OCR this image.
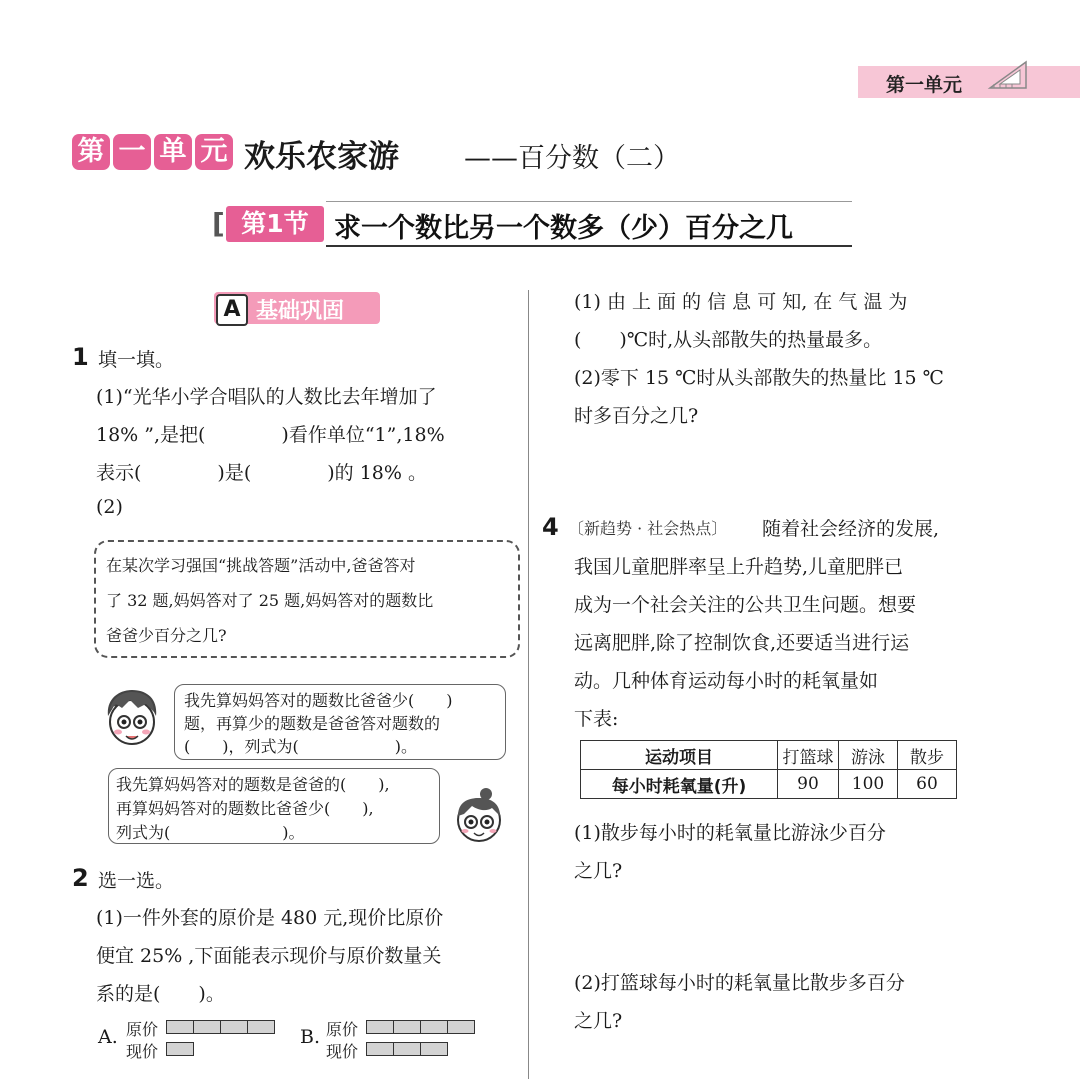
第一单元
第 一 单 元 欢乐农家游 ——百分数（二）
[ 第1节 求一个数比另一个数多（少）百分之几
A 基础巩固
1 填一填。
(1)“光华小学合唱队的人数比去年增加了
18% ”,是把(　　　　)看作单位“1”,18%
表示(　　　　)是(　　　　)的 18% 。
(2)
在某次学习强国“挑战答题”活动中,爸爸答对
了 32 题,妈妈答对了 25 题,妈妈答对的题数比
爸爸少百分之几?
我先算妈妈答对的题数比爸爸少(　　)
题，再算少的题数是爸爸答对题数的
(　　)，列式为(　　　　　　)。
我先算妈妈答对的题数是爸爸的(　　),
再算妈妈答对的题数比爸爸少(　　),
列式为(　　　　　　　)。
2 选一选。
(1)一件外套的原价是 480 元,现价比原价
便宜 25% ,下面能表示现价与原价数量关
系的是(　　)。
A. 原价
现价
B. 原价
现价
(1) 由 上 面 的 信 息 可 知, 在 气 温 为
(　　)℃时,从头部散失的热量最多。
(2)零下 15 ℃时从头部散失的热量比 15 ℃
时多百分之几?
4 〔新趋势 · 社会热点〕 随着社会经济的发展,
我国儿童肥胖率呈上升趋势,儿童肥胖已
成为一个社会关注的公共卫生问题。想要
远离肥胖,除了控制饮食,还要适当进行运
动。几种体育运动每小时的耗氧量如
下表:
运动项目	打篮球	游泳	散步
每小时耗氧量(升)	90	100	60
(1)散步每小时的耗氧量比游泳少百分
之几?
(2)打篮球每小时的耗氧量比散步多百分
之几?
